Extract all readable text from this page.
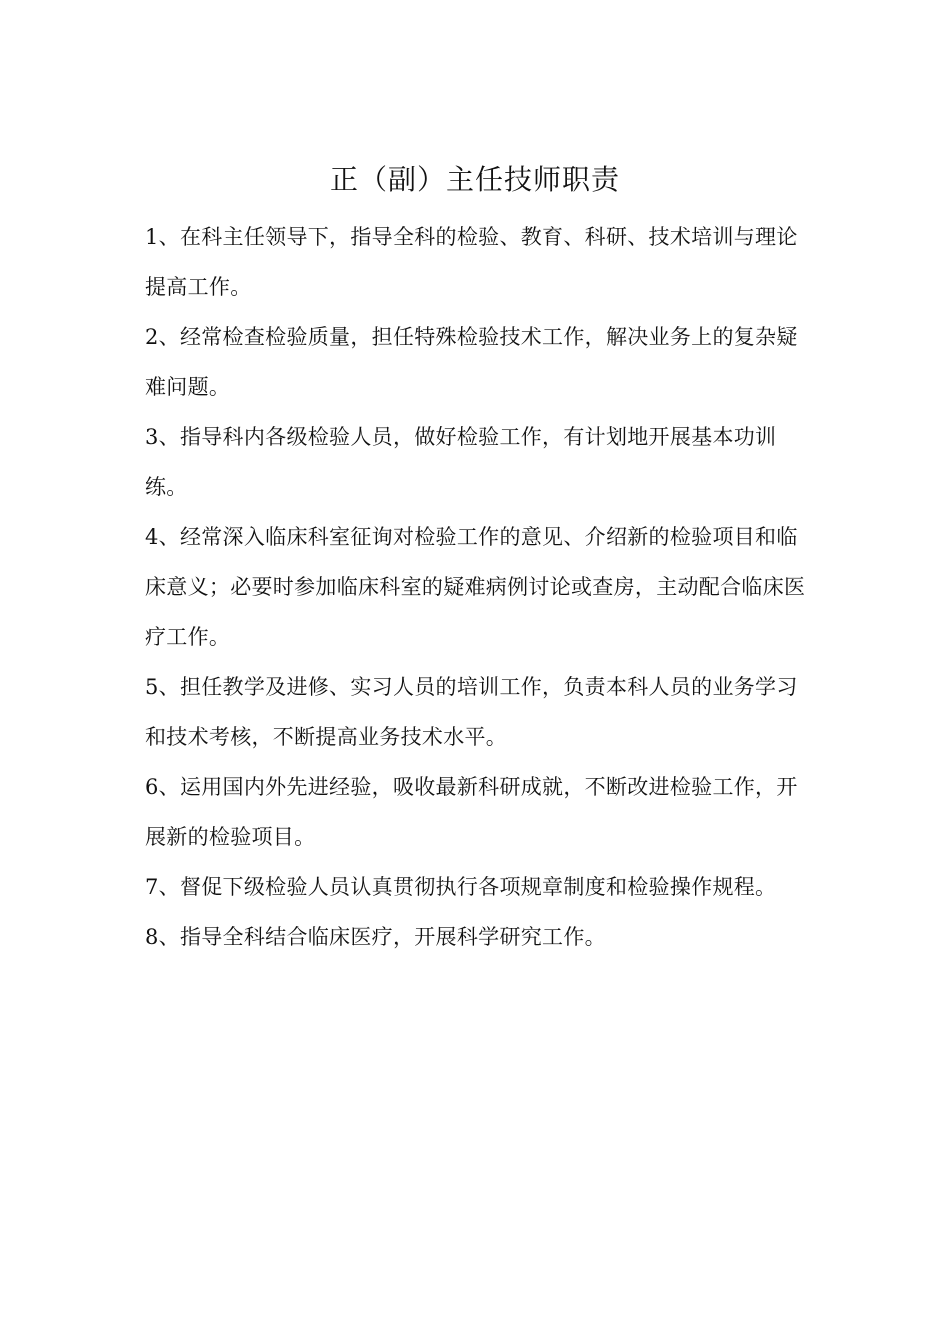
正（副）主任技师职责
1、在科主任领导下，指导全科的检验、教育、科研、技术培训与理论提高工作。
2、经常检查检验质量，担任特殊检验技术工作，解决业务上的复杂疑难问题。
3、指导科内各级检验人员，做好检验工作，有计划地开展基本功训练。
4、经常深入临床科室征询对检验工作的意见、介绍新的检验项目和临床意义；必要时参加临床科室的疑难病例讨论或查房，主动配合临床医疗工作。
5、担任教学及进修、实习人员的培训工作，负责本科人员的业务学习和技术考核，不断提高业务技术水平。
6、运用国内外先进经验，吸收最新科研成就，不断改进检验工作，开展新的检验项目。
7、督促下级检验人员认真贯彻执行各项规章制度和检验操作规程。
8、指导全科结合临床医疗，开展科学研究工作。
